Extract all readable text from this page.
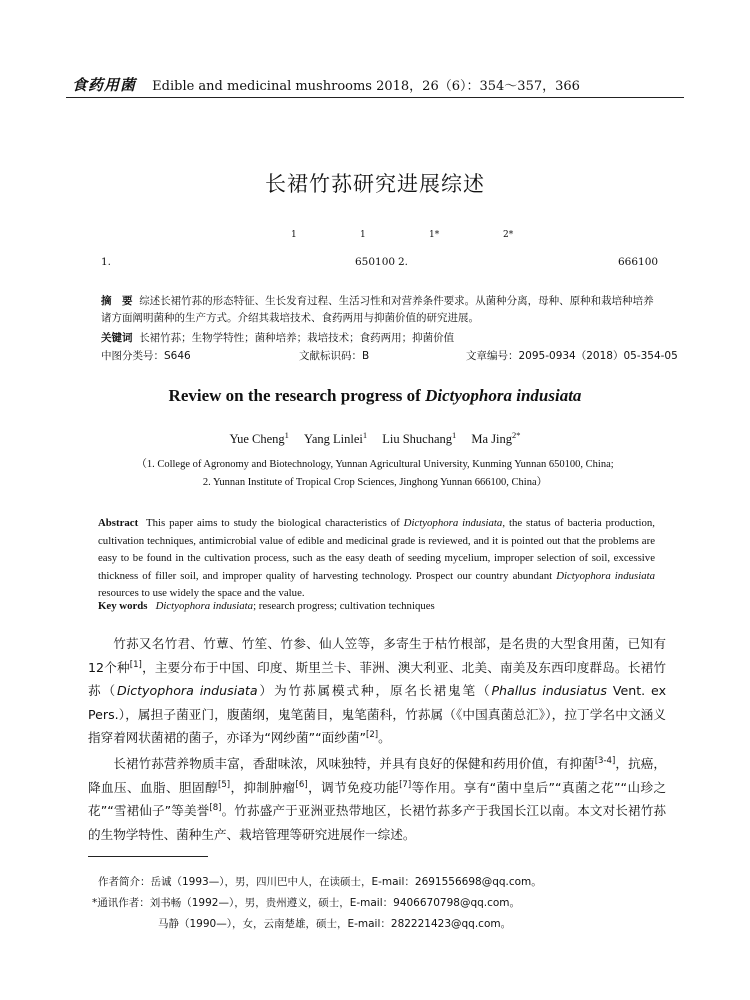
食药用菌 Edible and medicinal mushrooms 2018，26（6）：354～357，366
长裙竹荪研究进展综述
1	1	1*	2*
1.	650100 2.	666100
摘　要 综述长裙竹荪的形态特征、生长发育过程、生活习性和对营养条件要求。从菌种分离，母种、原种和栽培种培养诸方面阐明菌种的生产方式。介绍其栽培技术、食药两用与抑菌价值的研究进展。
关键词 长裙竹荪；生物学特性；菌种培养；栽培技术；食药两用；抑菌价值
中图分类号：S646	文献标识码：B	文章编号：2095-0934（2018）05-354-05
Review on the research progress of Dictyophora indusiata
Yue Cheng$^1$ Yang Linlei$^1$ Liu Shuchang$^1$ Ma Jing$^{2*}$
（1. College of Agronomy and Biotechnology, Yunnan Agricultural University, Kunming Yunnan 650100, China;
2. Yunnan Institute of Tropical Crop Sciences, Jinghong Yunnan 666100, China）
Abstract This paper aims to study the biological characteristics of Dictyophora indusiata, the status of bacteria production, cultivation techniques, antimicrobial value of edible and medicinal grade is reviewed, and it is pointed out that the problems are easy to be found in the cultivation process, such as the easy death of seeding mycelium, improper selection of soil, excessive thickness of filler soil, and improper quality of harvesting technology. Prospect our country abundant Dictyophora indusiata resources to use widely the space and the value.
Key words Dictyophora indusiata; research progress; cultivation techniques

竹荪又名竹君、竹蕈、竹笙、竹参、仙人笠等，多寄生于枯竹根部，是名贵的大型食用菌，已知有12个种[1]，主要分布于中国、印度、斯里兰卡、菲洲、澳大利亚、北美、南美及东西印度群岛。长裙竹荪（Dictyophora indusiata）为竹荪属模式种，原名长裙鬼笔（Phallus indusiatus Vent. ex Pers.），属担子菌亚门，腹菌纲，鬼笔菌目，鬼笔菌科，竹荪属（《中国真菌总汇》），拉丁学名中文涵义指穿着网状菌裙的菌子，亦译为“网纱菌”“面纱菌”[2]。

长裙竹荪营养物质丰富，香甜味浓，风味独特，并具有良好的保健和药用价值，有抑菌[3-4]，抗癌，降血压、血脂、胆固醇[5]，抑制肿瘤[6]，调节免疫功能[7]等作用。享有“菌中皇后”“真菌之花”“山珍之花”“雪裙仙子”等美誉[8]。竹荪盛产于亚洲亚热带地区，长裙竹荪多产于我国长江以南。本文对长裙竹荪的生物学特性、菌种生产、栽培管理等研究进展作一综述。

作者简介：岳诚（1993—），男，四川巴中人，在读硕士，E-mail：2691556698@qq.com。
*通讯作者：刘书畅（1992—），男，贵州遵义，硕士，E-mail：9406670798@qq.com。
马静（1990—），女，云南楚雄，硕士，E-mail：282221423@qq.com。
